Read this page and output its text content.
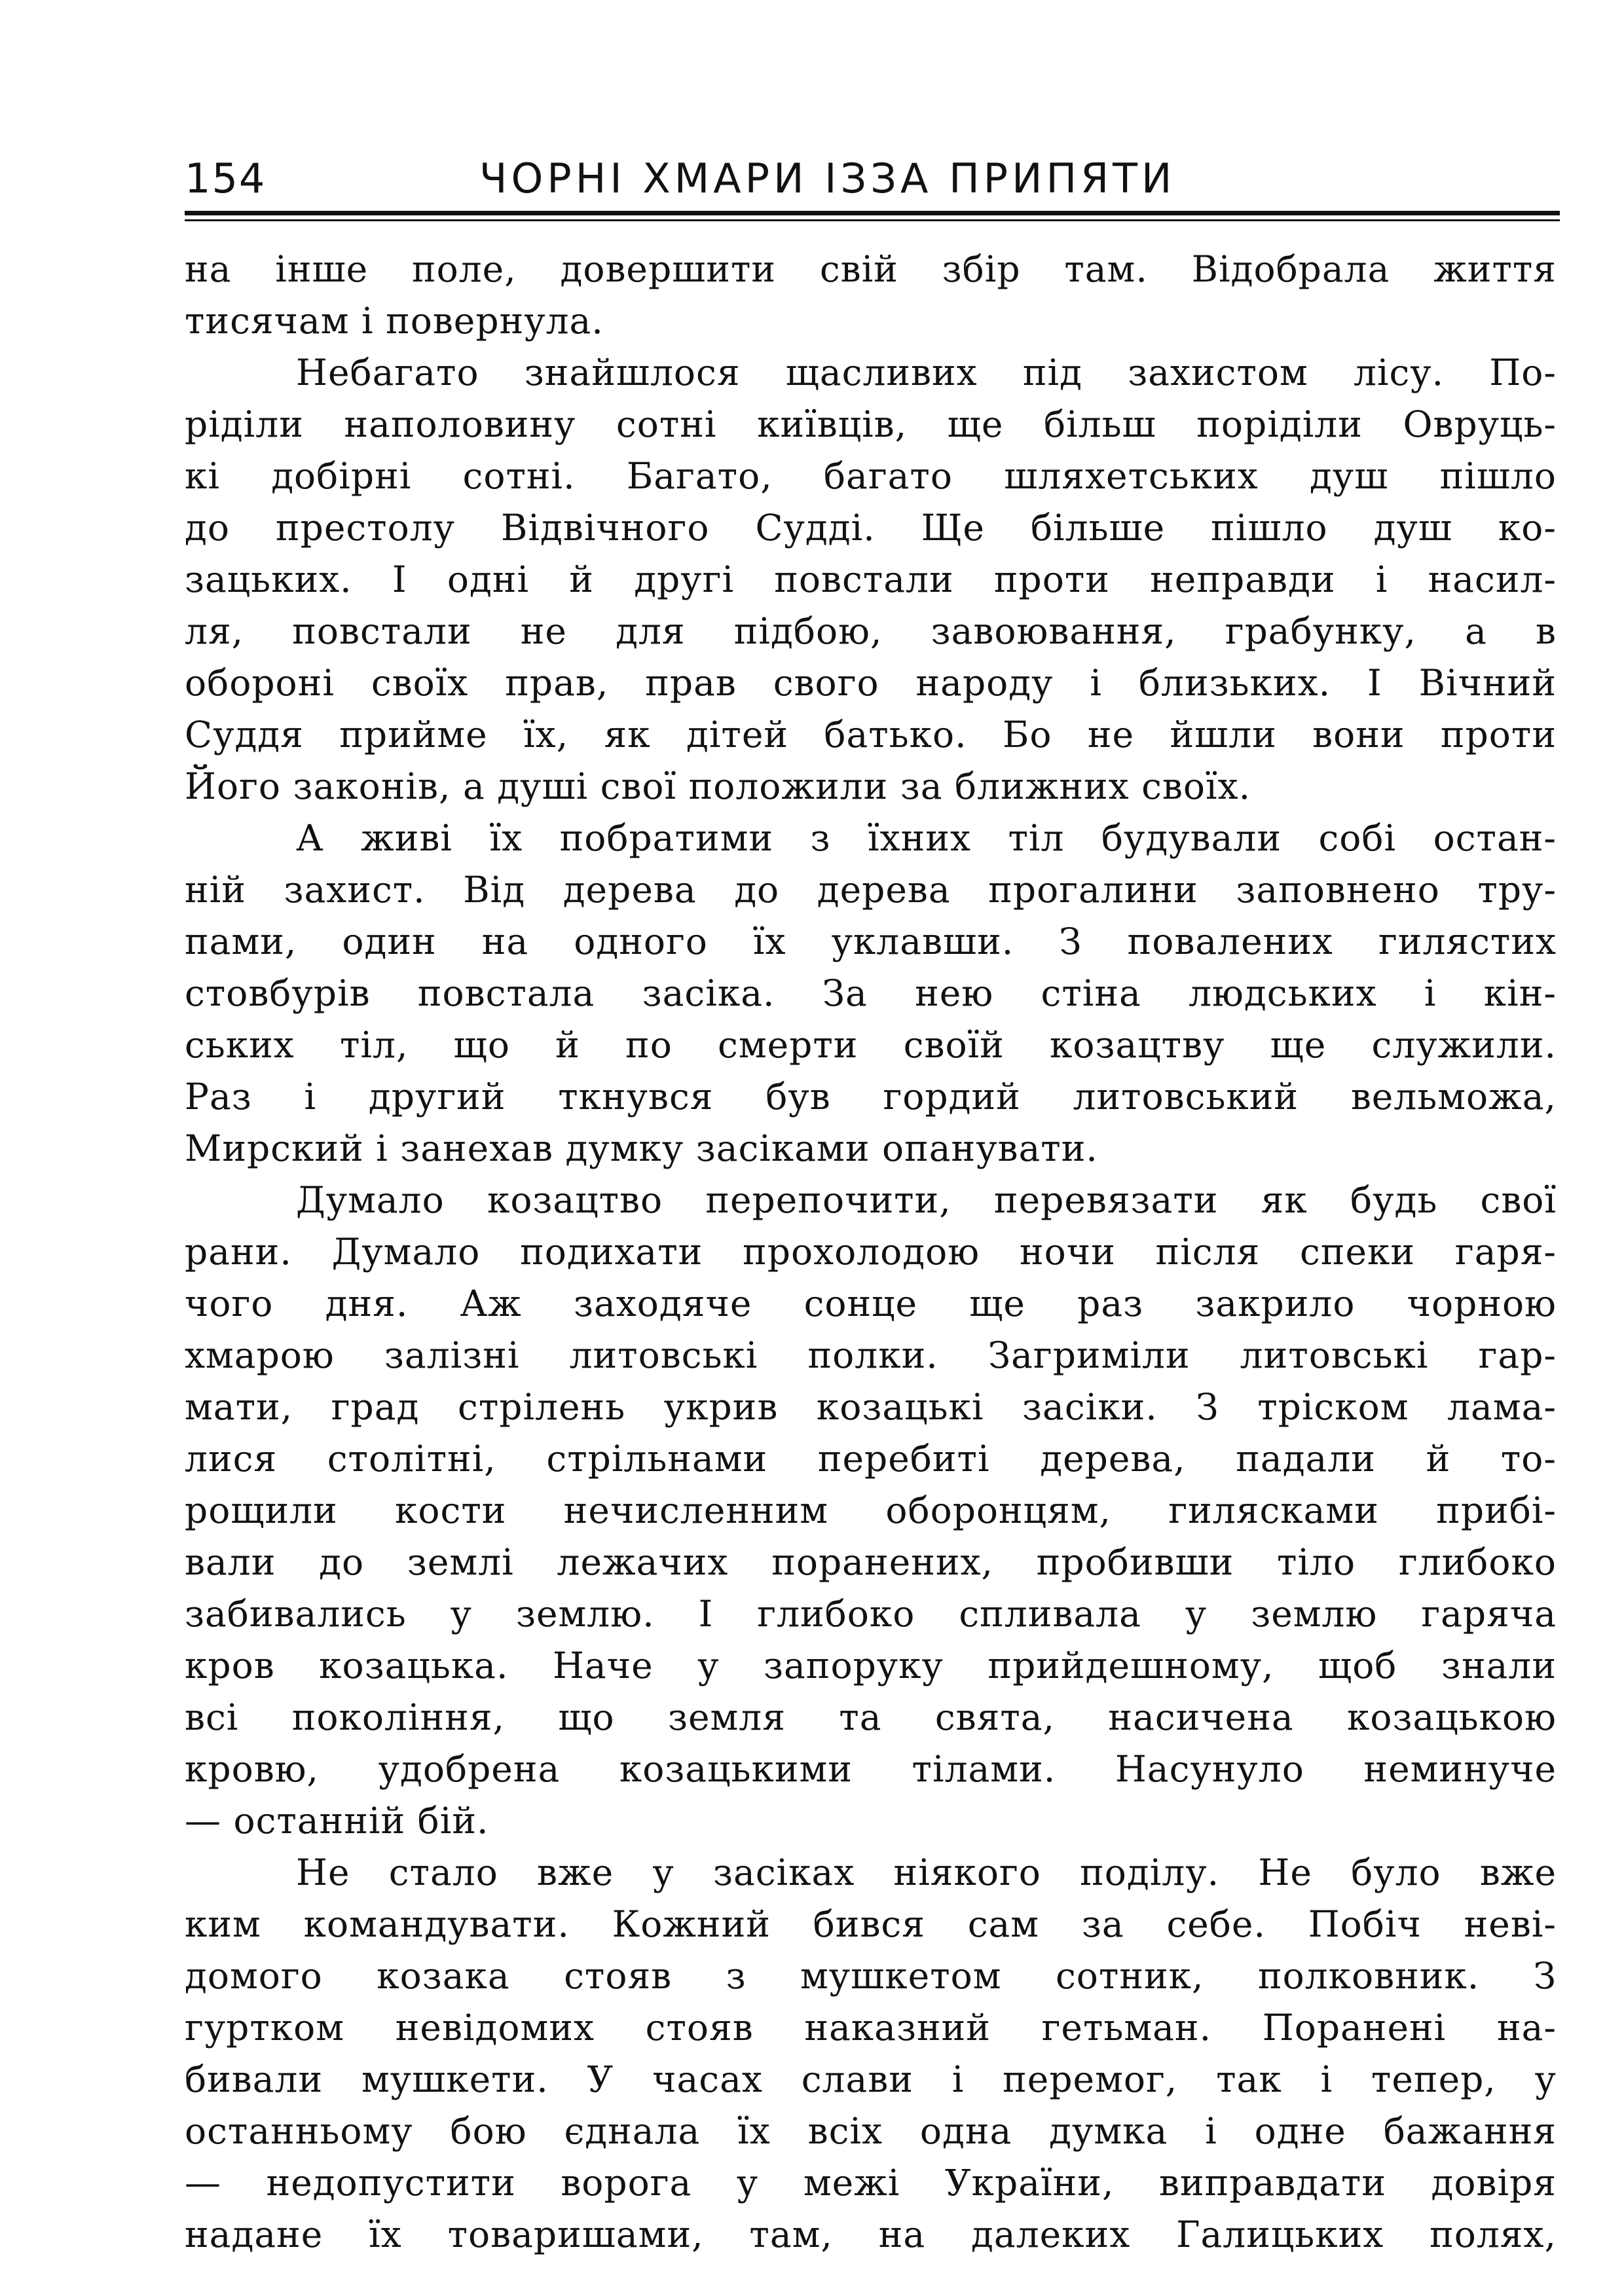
154	ЧОРНІ ХМАРИ ІЗЗА ПРИПЯТИ
на інше поле, довершити свій збір там. Відобрала життя
тисячам і повернула.
Небагато знайшлося щасливих під захистом лісу. По-
ріділи наполовину сотні київців, ще більш поріділи Овруць-
кі добірні сотні. Багато, багато шляхетських душ пішло
до престолу Відвічного Судді. Ще більше пішло душ ко-
зацьких. І одні й другі повстали проти неправди і насил-
ля, повстали не для підбою, завоювання, грабунку, а в
обороні своїх прав, прав свого народу і близьких. І Вічний
Суддя прийме їх, як дітей батько. Бо не йшли вони проти
Його законів, а душі свої положили за ближних своїх.
А живі їх побратими з їхних тіл будували собі остан-
ній захист. Від дерева до дерева прогалини заповнено тру-
пами, один на одного їх уклавши. З повалених гилястих
стовбурів повстала засіка. За нею стіна людських і кін-
ських тіл, що й по смерти своїй козацтву ще служили.
Раз і другий ткнувся був гордий литовський вельможа,
Мирский і занехав думку засіками опанувати.
Думало козацтво перепочити, перевязати як будь свої
рани. Думало подихати прохолодою ночи після спеки гаря-
чого дня. Аж заходяче сонце ще раз закрило чорною
хмарою залізні литовські полки. Загриміли литовські гар-
мати, град стрілень укрив козацькі засіки. З тріском лама-
лися столітні, стрільнами перебиті дерева, падали й то-
рощили кости нечисленним оборонцям, гилясками прибі-
вали до землі лежачих поранених, пробивши тіло глибоко
забивались у землю. І глибоко спливала у землю гаряча
кров козацька. Наче у запоруку прийдешному, щоб знали
всі покоління, що земля та свята, насичена козацькою
кровю, удобрена козацькими тілами. Насунуло неминуче
— останній бій.
Не стало вже у засіках ніякого поділу. Не було вже
ким командувати. Кожний бився сам за себе. Побіч неві-
домого козака стояв з мушкетом сотник, полковник. З
гуртком невідомих стояв наказний гетьман. Поранені на-
бивали мушкети. У часах слави і перемог, так і тепер, у
останньому бою єднала їх всіх одна думка і одне бажання
— недопустити ворога у межі України, виправдати довіря
надане їх товаришами, там, на далеких Галицьких полях,
